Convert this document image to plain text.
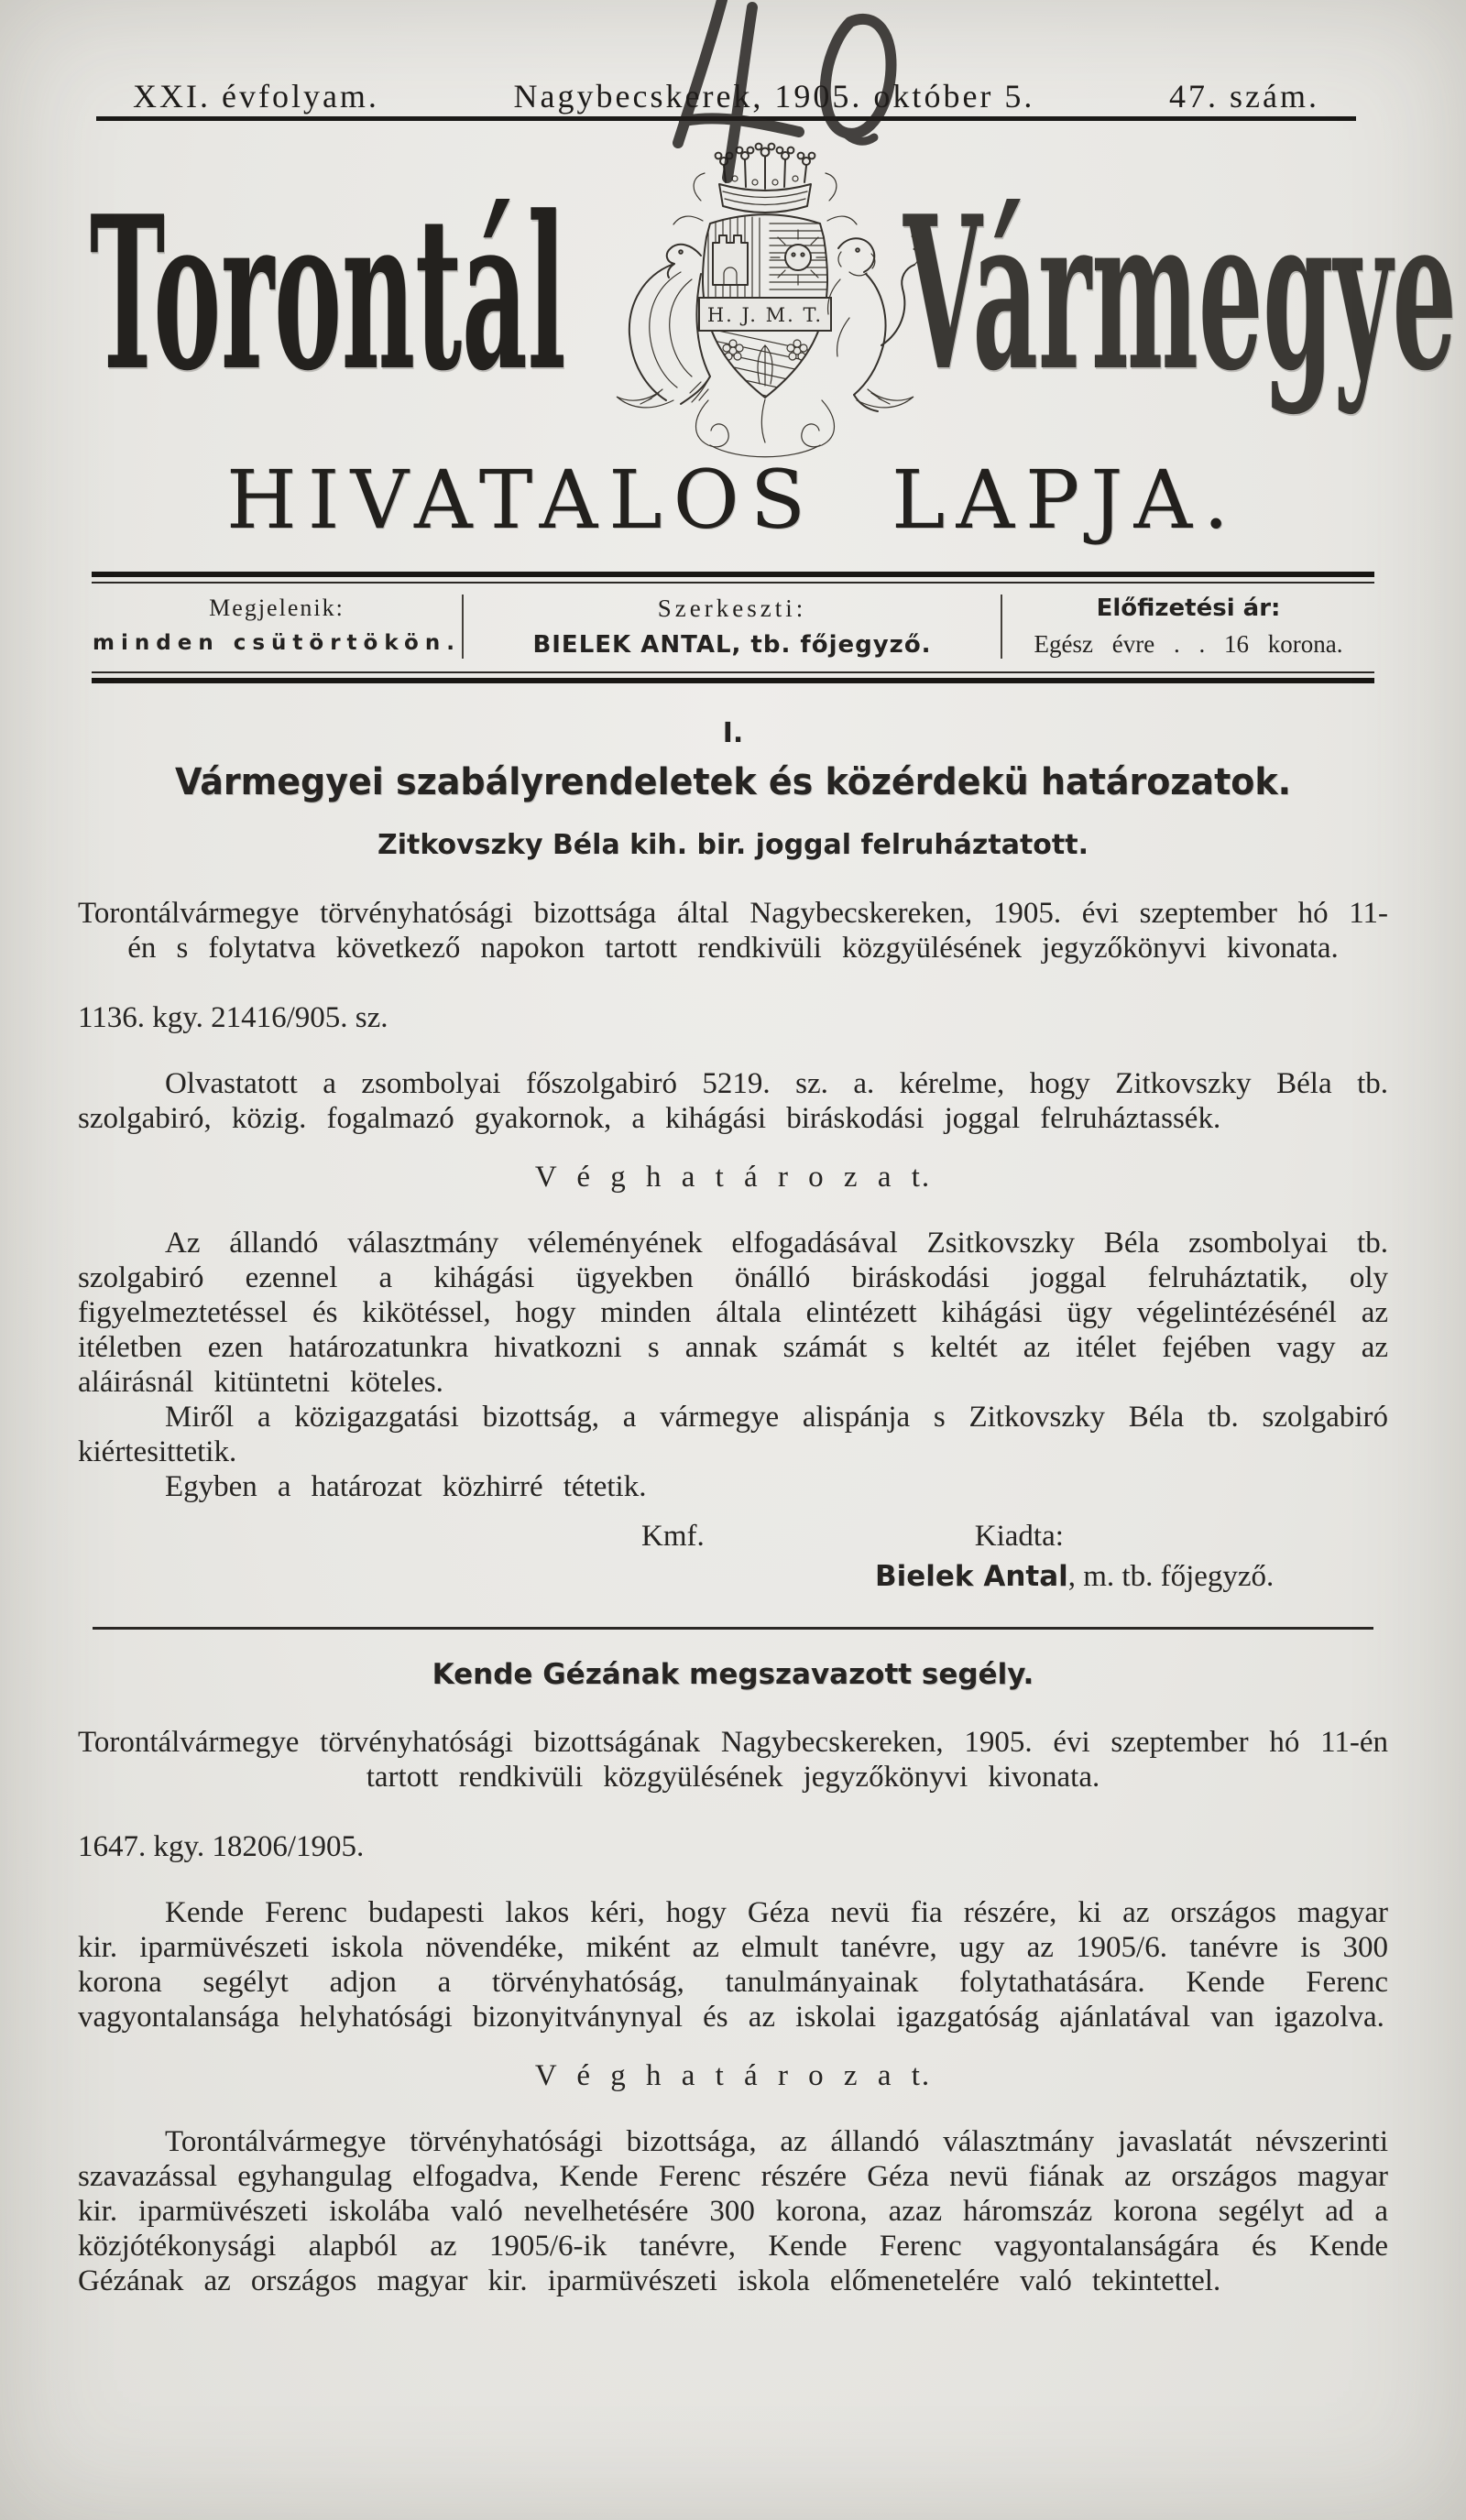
XXI. évfolyam.	Nagybecskerek, 1905. október 5.	47. szám.
Torontál Vármegye
H. J. M. T.
HIVATALOS LAPJA.
Megjelenik:
minden csütörtökön.
Szerkeszti:
BIELEK ANTAL, tb. főjegyző.
Előfizetési ár:
Egész évre . . 16 korona.
I.
Vármegyei szabályrendeletek és közérdekü határozatok.
Zitkovszky Béla kih. bir. joggal felruháztatott.
Torontálvármegye törvényhatósági bizottsága által Nagybecskereken, 1905. évi szeptember hó 11-én s folytatva következő napokon tartott rendkivüli közgyülésének jegyzőkönyvi kivonata.
1136. kgy. 21416/905. sz.
Olvastatott a zsombolyai főszolgabiró 5219. sz. a. kérelme, hogy Zitkovszky Béla tb. szolgabiró, közig. fogalmazó gyakornok, a kihágási biráskodási joggal felruháztassék.
V é g h a t á r o z a t.
Az állandó választmány véleményének elfogadásával Zsitkovszky Béla zsombolyai tb. szolgabiró ezennel a kihágási ügyekben önálló biráskodási joggal felruháztatik, oly figyelmeztetéssel és kikötéssel, hogy minden általa elintézett kihágási ügy végelintézésénél az itéletben ezen határozatunkra hivatkozni s annak számát s keltét az itélet fejében vagy az aláirásnál kitüntetni köteles.
Miről a közigazgatási bizottság, a vármegye alispánja s Zitkovszky Béla tb. szolgabiró kiértesittetik.
Egyben a határozat közhirré tétetik.
Kmf.	Kiadta:
Bielek Antal, m. tb. főjegyző.
Kende Gézának megszavazott segély.
Torontálvármegye törvényhatósági bizottságának Nagybecskereken, 1905. évi szeptember hó 11-én tartott rendkivüli közgyülésének jegyzőkönyvi kivonata.
1647. kgy. 18206/1905.
Kende Ferenc budapesti lakos kéri, hogy Géza nevü fia részére, ki az országos magyar kir. iparmüvészeti iskola növendéke, miként az elmult tanévre, ugy az 1905/6. tanévre is 300 korona segélyt adjon a törvényhatóság, tanulmányainak folytathatására. Kende Ferenc vagyontalansága helyhatósági bizonyitványnyal és az iskolai igazgatóság ajánlatával van igazolva.
V é g h a t á r o z a t.
Torontálvármegye törvényhatósági bizottsága, az állandó választmány javaslatát névszerinti szavazással egyhangulag elfogadva, Kende Ferenc részére Géza nevü fiának az országos magyar kir. iparmüvészeti iskolába való nevelhetésére 300 korona, azaz háromszáz korona segélyt ad a közjótékonysági alapból az 1905/6-ik tanévre, Kende Ferenc vagyontalanságára és Kende Gézának az országos magyar kir. iparmüvészeti iskola előmenetelére való tekintettel.
